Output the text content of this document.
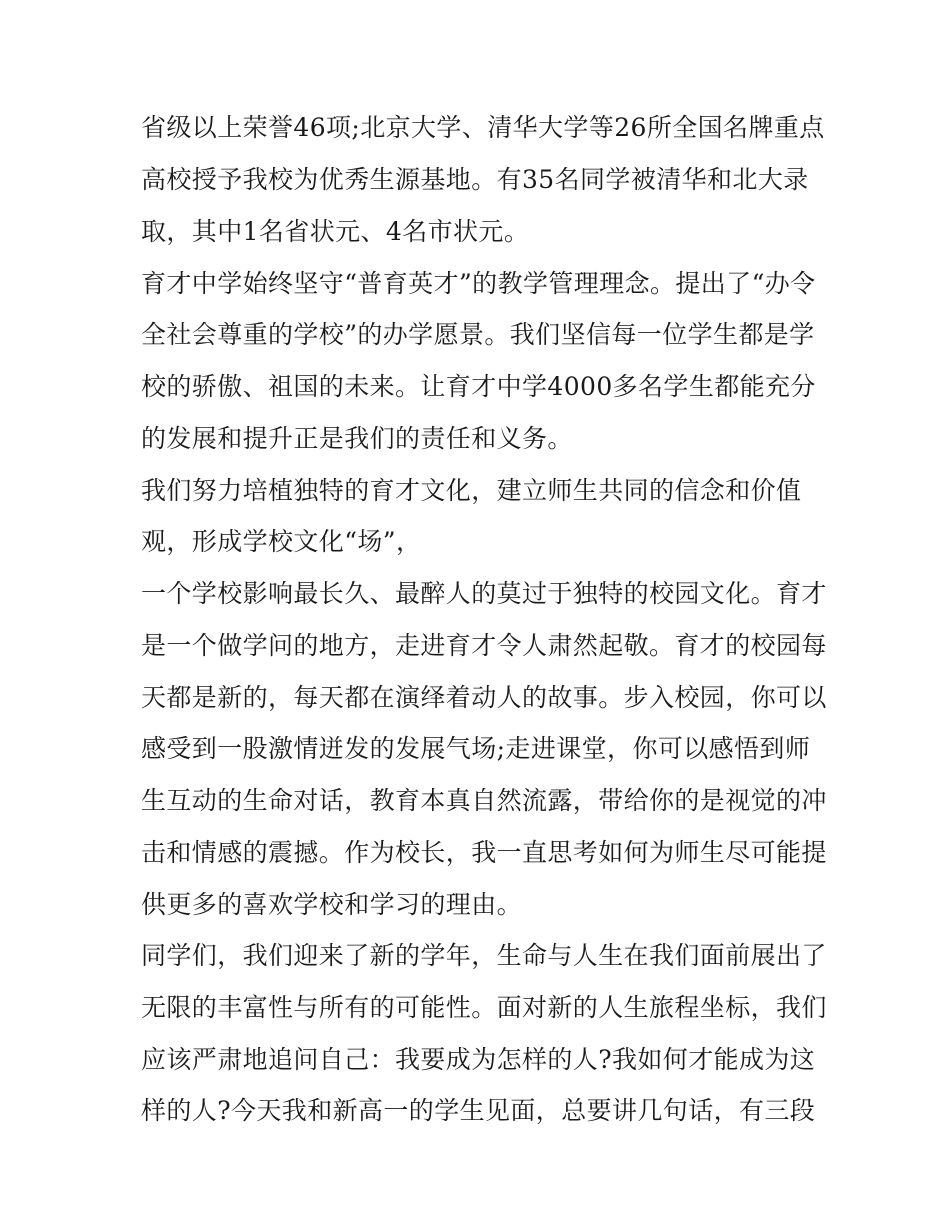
省级以上荣誉46项;北京大学、清华大学等26所全国名牌重点
高校授予我校为优秀生源基地。有35名同学被清华和北大录
取，其中1名省状元、4名市状元。
育才中学始终坚守“普育英才”的教学管理理念。提出了“办令
全社会尊重的学校”的办学愿景。我们坚信每一位学生都是学
校的骄傲、祖国的未来。让育才中学4000多名学生都能充分
的发展和提升正是我们的责任和义务。
我们努力培植独特的育才文化，建立师生共同的信念和价值
观，形成学校文化“场”，
一个学校影响最长久、最醉人的莫过于独特的校园文化。育才
是一个做学问的地方，走进育才令人肃然起敬。育才的校园每
天都是新的，每天都在演绎着动人的故事。步入校园，你可以
感受到一股激情迸发的发展气场;走进课堂，你可以感悟到师
生互动的生命对话，教育本真自然流露，带给你的是视觉的冲
击和情感的震撼。作为校长，我一直思考如何为师生尽可能提
供更多的喜欢学校和学习的理由。
同学们，我们迎来了新的学年，生命与人生在我们面前展出了
无限的丰富性与所有的可能性。面对新的人生旅程坐标，我们
应该严肃地追问自己：我要成为怎样的人?我如何才能成为这
样的人?今天我和新高一的学生见面，总要讲几句话，有三段
